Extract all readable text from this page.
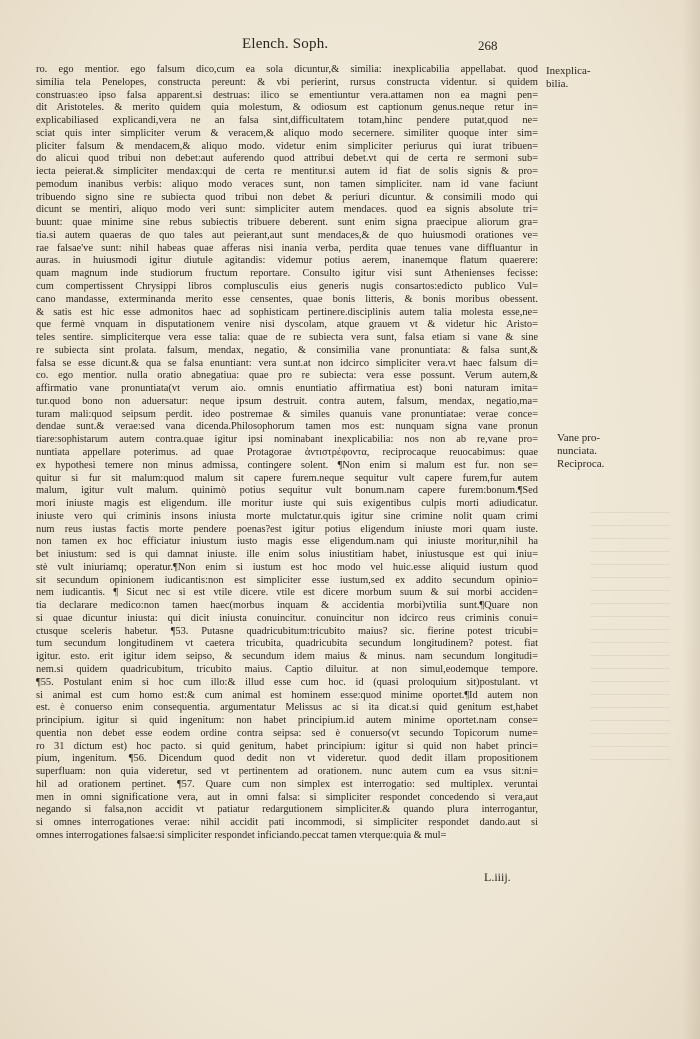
Elench. Soph.	268
ro. ego mentior. ego falsum dico,cum ea sola dicuntur,& similia: inexplicabilia appellabat. quod
similia tela Penelopes, constructa pereunt: & vbi perierint, rursus constructa videntur. si quidem
construas:eo ipso falsa apparent.si destruas: ilico se ementiuntur vera.attamen non ea magni pen=
dit Aristoteles. & merito quidem quia molestum, & odiosum est captionum genus.neque retur in=
explicabiliased explicandi,vera ne an falsa sint,difficultatem totam,hinc pendere putat,quod ne=
sciat quis inter simpliciter verum & veracem,& aliquo modo secernere. similiter quoque inter sim=
pliciter falsum & mendacem,& aliquo modo. videtur enim simpliciter periurus qui iurat tribuen=
do alicui quod tribui non debet:aut auferendo quod attribui debet.vt qui de certa re sermoni sub=
iecta peierat.& simpliciter mendax:qui de certa re mentitur.si autem id fiat de solis signis & pro=
pemodum inanibus verbis: aliquo modo veraces sunt, non tamen simpliciter. nam id vane faciunt
tribuendo signo sine re subiecta quod tribui non debet & periuri dicuntur. & consimili modo qui
dicunt se mentiri, aliquo modo veri sunt: simpliciter autem mendaces. quod ea signis absolute tri=
buunt: quae minime sine rebus subiectis tribuere deberent. sunt enim signa praecipue aliorum gra=
tia.si autem quaeras de quo tales aut peierant,aut sunt mendaces,& de quo huiusmodi orationes ve=
rae falsae've sunt: nihil habeas quae afferas nisi inania verba, perdita quae tenues vane diffluantur in
auras. in huiusmodi igitur diutule agitandis: videmur potius aerem, inanemque flatum quaerere:
quam magnum inde studiorum fructum reportare. Consulto igitur visi sunt Athenienses fecisse:
cum compertissent Chrysippi libros complusculis eius generis nugis consartos:edicto publico Vul=
cano mandasse, exterminanda merito esse censentes, quae bonis litteris, & bonis moribus obessent.
& satis est hic esse admonitos haec ad sophisticam pertinere.disciplinis autem talia molesta esse,ne=
que fermè vnquam in disputationem venire nisi dyscolam, atque grauem vt & videtur hic Aristo=
teles sentire. simpliciterque vera esse talia: quae de re subiecta vera sunt, falsa etiam si vane & sine
re subiecta sint prolata. falsum, mendax, negatio, & consimilia vane pronuntiata: & falsa sunt,&
falsa se esse dicunt.& qua se falsa enuntiant: vera sunt.at non idcirco simpliciter vera.vt haec falsum di=
co. ego mentior. nulla oratio abnegatiua: quae pro re subiecta: vera esse possunt. Verum autem,&
affirmatio vane pronuntiata(vt verum aio. omnis enuntiatio affirmatiua est) boni naturam imita=
tur.quod bono non aduersatur: neque ipsum destruit. contra autem, falsum, mendax, negatio,ma=
turam mali:quod seipsum perdit. ideo postremae & similes quanuis vane pronuntiatae: verae conce=
dendae sunt.& verae:sed vana dicenda.Philosophorum tamen mos est: nunquam signa vane pronun
tiare:sophistarum autem contra.quae igitur ipsi nominabant inexplicabilia: nos non ab re,vane pro=
nuntiata appellare poterimus. ad quae Protagorae ἀντιστρέφοντα, reciprocaque reuocabimus: quae
ex hypothesi temere non minus admissa, contingere solent. ¶Non enim si malum est fur. non se=
quitur si fur sit malum:quod malum sit capere furem.neque sequitur vult capere furem,fur autem
malum, igitur vult malum. quinimò potius sequitur vult bonum.nam capere furem:bonum.¶Sed
mori iniuste magis est eligendum. ille moritur iuste qui suis exigentibus culpis morti adiudicatur.
iniuste vero qui criminis insons iniusta morte mulctatur.quis igitur sine crimine nolit quam crimi
num reus iustas factis morte pendere poenas?est igitur potius eligendum iniuste mori quam iuste.
non tamen ex hoc efficiatur iniustum iusto magis esse eligendum.nam qui iniuste moritur,nihil ha
bet iniustum: sed is qui damnat iniuste. ille enim solus iniustitiam habet, iniustusque est qui iniu=
stè vult iniuriamq; operatur.¶Non enim si iustum est hoc modo vel huic.esse aliquid iustum quod
sit secundum opinionem iudicantis:non est simpliciter esse iustum,sed ex addito secundum opinio=
nem iudicantis. ¶ Sicut nec si est vtile dicere. vtile est dicere morbum suum & sui morbi acciden=
tia declarare medico:non tamen haec(morbus inquam & accidentia morbi)vtilia sunt.¶Quare non
si quae dicuntur iniusta: qui dicit iniusta conuincitur. conuincitur non idcirco reus criminis conui=
ctusque sceleris habetur. ¶53. Putasne quadricubitum:tricubito maius? sic. fierine potest tricubi=
tum secundum longitudinem vt caetera tricubita, quadricubita secundum longitudinem? potest. fiat
igitur. esto. erit igitur idem seipso, & secundum idem maius & minus. nam secundum longitudi=
nem.si quidem quadricubitum, tricubito maius. Captio diluitur. at non simul,eodemque tempore.
¶55. Postulant enim si hoc cum illo:& illud esse cum hoc. id (quasi proloquium sit)postulant. vt
si animal est cum homo est:& cum animal est hominem esse:quod minime oportet.¶Id autem non
est. è conuerso enim consequentia. argumentatur Melissus ac si ita dicat.si quid genitum est,habet
principium. igitur si quid ingenitum: non habet principium.id autem minime oportet.nam conse=
quentia non debet esse eodem ordine contra seipsa: sed è conuerso(vt secundo Topicorum nume=
ro 31 dictum est) hoc pacto. si quid genitum, habet principium: igitur si quid non habet princi=
pium, ingenitum. ¶56. Dicendum quod dedit non vt videretur. quod dedit illam propositionem
superfluam: non quia videretur, sed vt pertinentem ad orationem. nunc autem cum ea vsus sit:ni=
hil ad orationem pertinet. ¶57. Quare cum non simplex est interrogatio: sed multiplex. veruntai
men in omni significatione vera, aut in omni falsa: si simpliciter respondet concedendo si vera,aut
negando si falsa,non accidit vt patiatur redargutionem simpliciter.& quando plura interrogantur,
si omnes interrogationes verae: nihil accidit pati incommodi, si simpliciter respondet dando.aut si
omnes interrogationes falsae:si simpliciter respondet inficiando.peccat tamen vterque:quia & mul=
Inexplica-
bilia.
Vane pro-
nunciata.
Reciproca.
L.iiij.
